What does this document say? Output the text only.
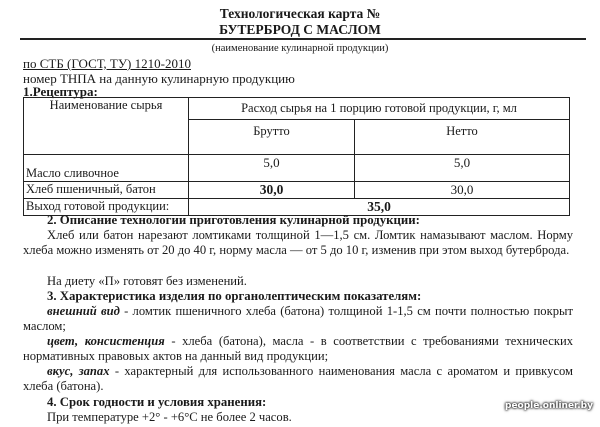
Технологическая карта №
БУТЕРБРОД С МАСЛОМ
(наименование кулинарной продукции)
по СТБ (ГОСТ, ТУ) 1210-2010
номер ТНПА на данную кулинарную продукцию
1.Рецептура:
Наименование сырья	Расход сырья на 1 порцию готовой продукции, г, мл	
	Брутто	Нетто
Масло сливочное	5,0	5,0
Хлеб пшеничный, батон	30,0	30,0
Выход готовой продукции:	35,0	
2. Описание технологии приготовления кулинарной продукции:
Хлеб или батон нарезают ломтиками толщиной 1—1,5 см. Ломтик намазывают маслом. Норму хлеба можно изменять от 20 до 40 г, норму масла — от 5 до 10 г, изменив при этом выход бутерброда.
На диету «П» готовят без изменений.
3. Характеристика изделия по органолептическим показателям:
внешний вид - ломтик пшеничного хлеба (батона) толщиной 1-1,5 см почти полностью покрыт маслом;
цвет, консистенция - хлеба (батона), масла - в соответствии с требованиями технических нормативных правовых актов на данный вид продукции;
вкус, запах - характерный для использованного наименования масла с ароматом и привкусом хлеба (батона).
4. Срок годности и условия хранения:
При температуре +2° - +6°С не более 2 часов.
people.onliner.by
